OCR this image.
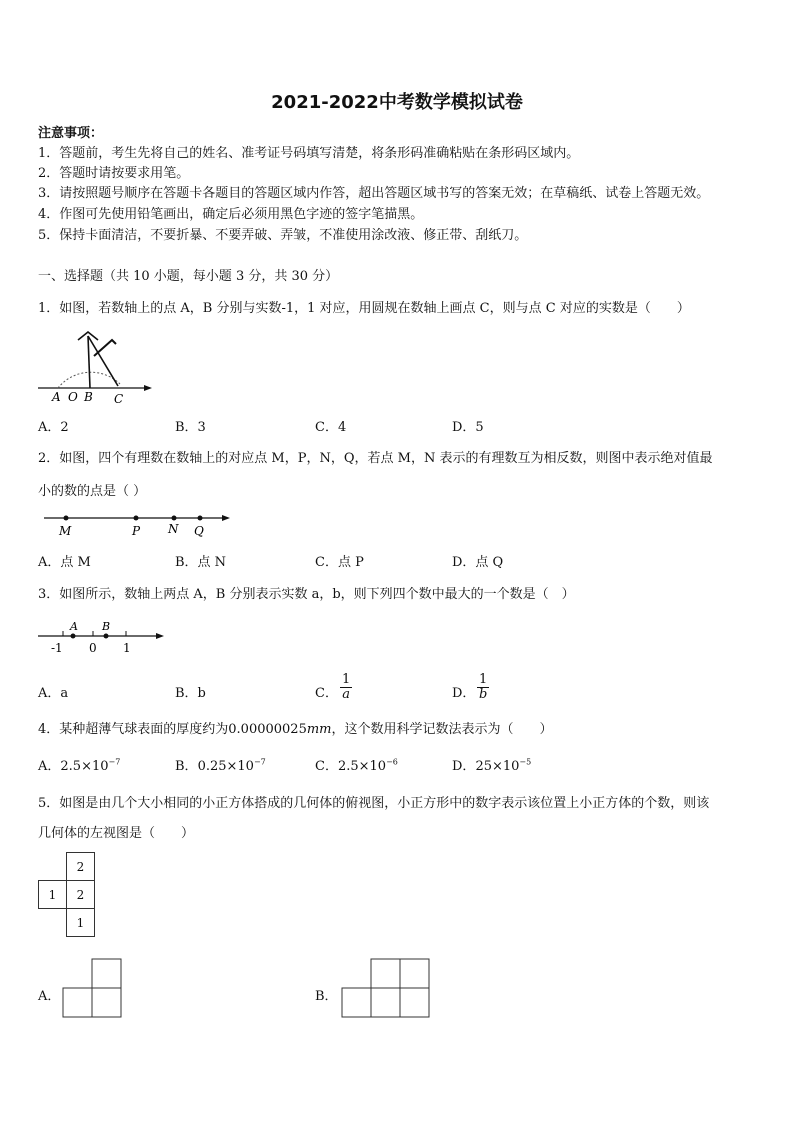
2021-2022中考数学模拟试卷
注意事项：
1．答题前，考生先将自己的姓名、准考证号码填写清楚，将条形码准确粘贴在条形码区域内。
2．答题时请按要求用笔。
3．请按照题号顺序在答题卡各题目的答题区域内作答，超出答题区域书写的答案无效；在草稿纸、试卷上答题无效。
4．作图可先使用铅笔画出，确定后必须用黑色字迹的签字笔描黑。
5．保持卡面清洁，不要折暴、不要弄破、弄皱，不准使用涂改液、修正带、刮纸刀。
一、选择题（共 10 小题，每小题 3 分，共 30 分）
1．如图，若数轴上的点 A，B 分别与实数-1，1 对应，用圆规在数轴上画点 C，则与点 C 对应的实数是（　　）
A O B C
A．2	B．3	C．4	D．5
2．如图，四个有理数在数轴上的对应点 M，P，N，Q，若点 M，N 表示的有理数互为相反数，则图中表示绝对值最
小的数的点是（ ）
M	P N Q
A．点 M	B．点 N	C．点 P	D．点 Q
3．如图所示，数轴上两点 A，B 分别表示实数 a，b，则下列四个数中最大的一个数是（　）
A B
-1 0 1
A．a	B．b	C． $\frac{1}{a}$	D． $\frac{1}{b}$
4．某种超薄气球表面的厚度约为0.00000025mm，这个数用科学记数法表示为（　　）
A．$2.5\times 10^{-7}$	B．$0.25\times 10^{-7}$	C．$2.5\times 10^{-6}$	D．$25\times 10^{-5}$
5．如图是由几个大小相同的小正方体搭成的几何体的俯视图，小正方形中的数字表示该位置上小正方体的个数，则该
几何体的左视图是（　　）
	2
1	2
	1
A．	B．
